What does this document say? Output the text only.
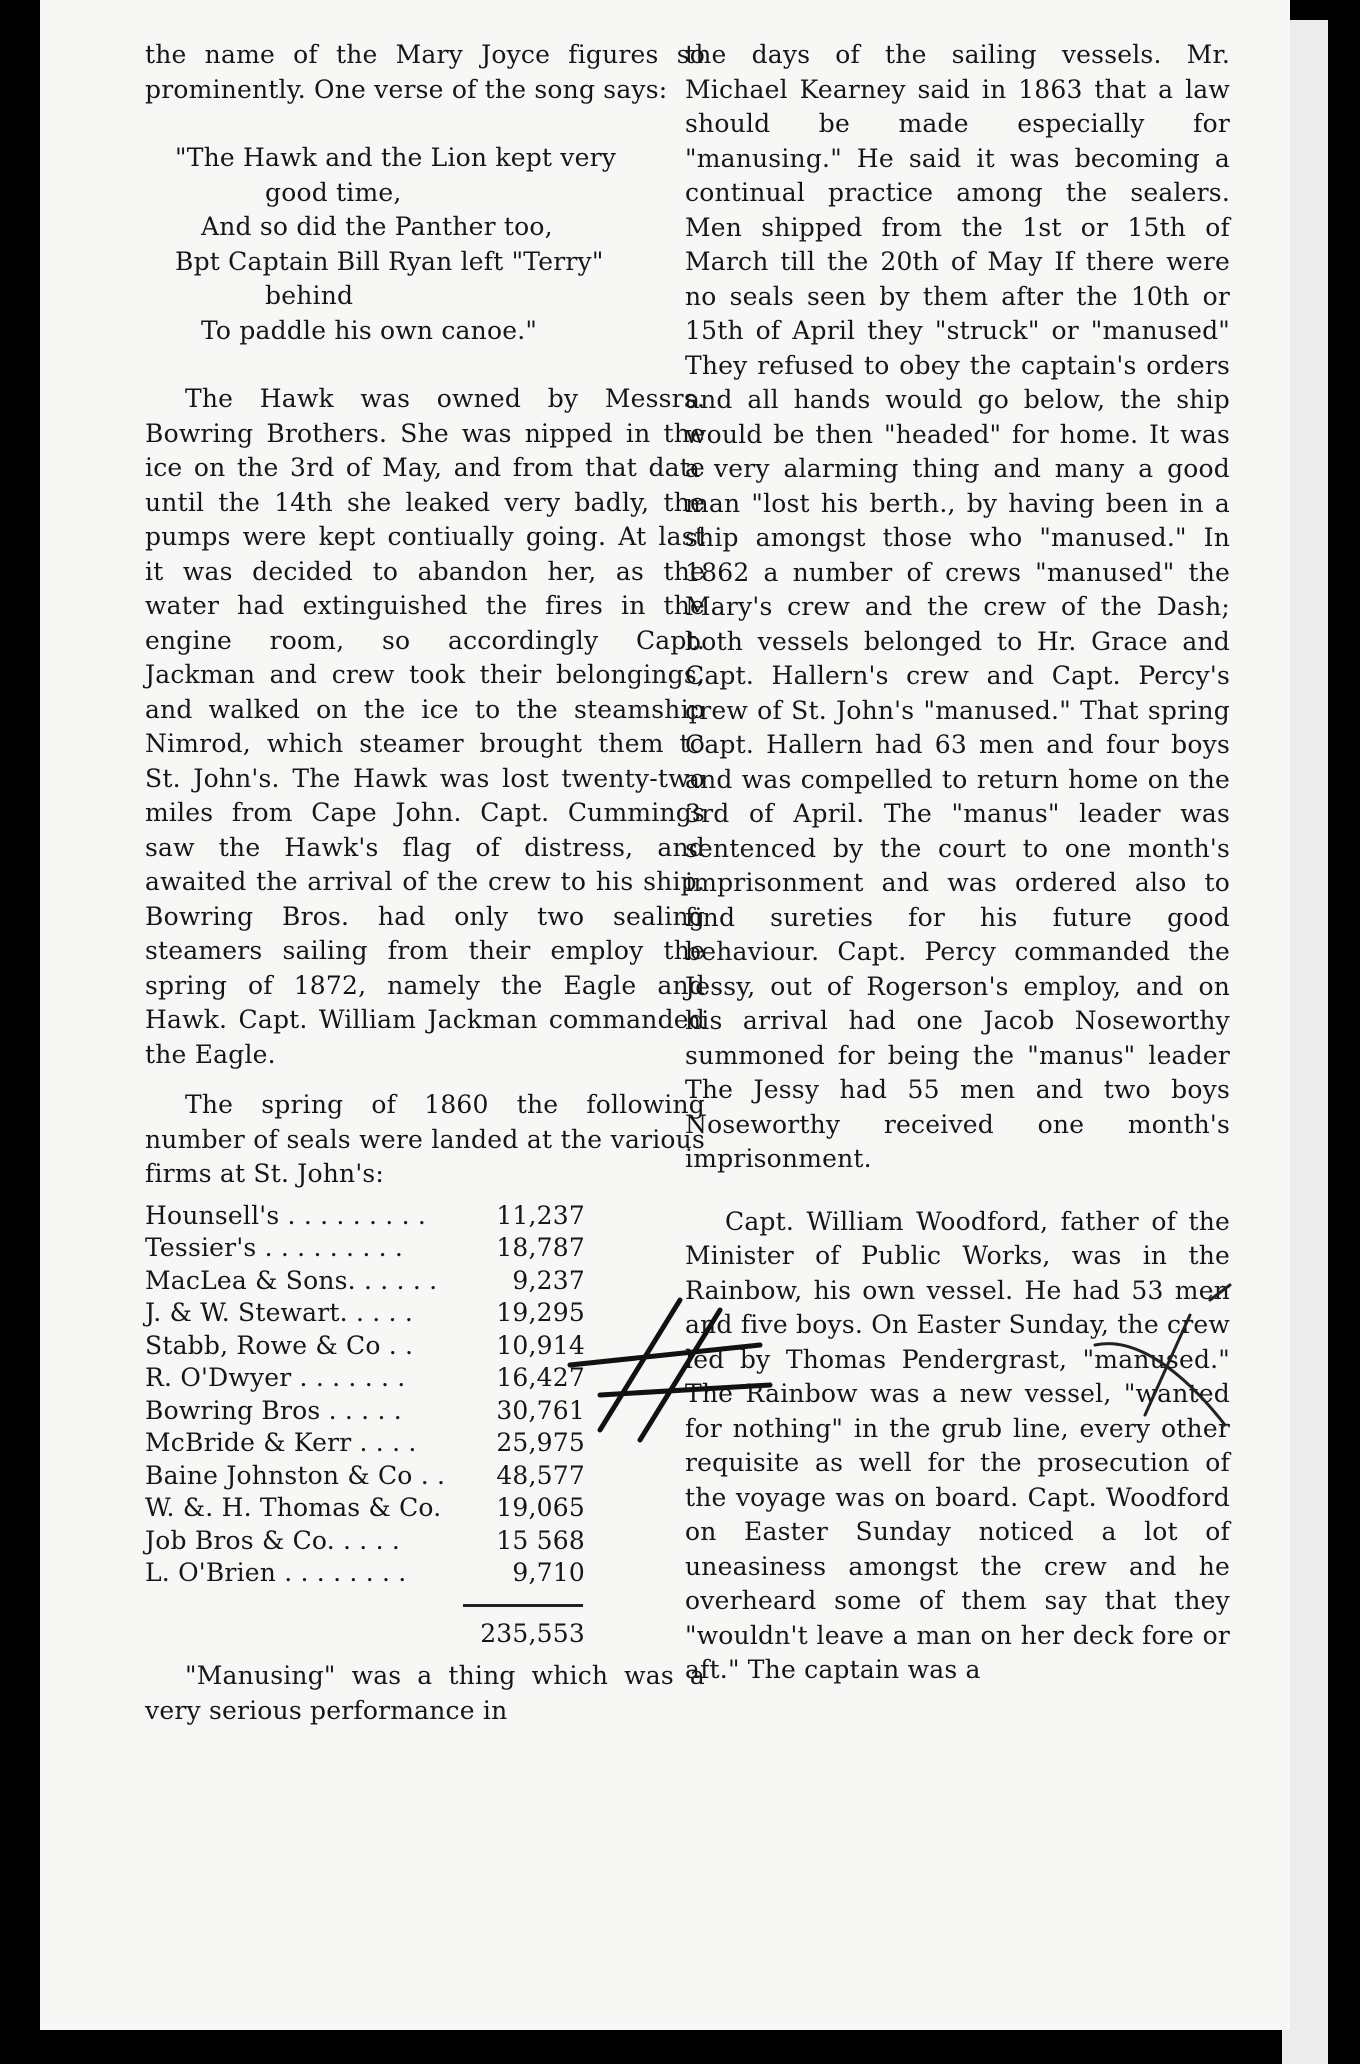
the name of the Mary Joyce figures so prominently. One verse of the song says:

"The Hawk and the Lion kept very

good time,

And so did the Panther too,

Bpt Captain Bill Ryan left "Terry"

behind

To paddle his own canoe."

The Hawk was owned by Messrs. Bowring Brothers. She was nipped in the ice on the 3rd of May, and from that date until the 14th she leaked very badly, the pumps were kept contiually going. At last it was decided to abandon her, as the water had extinguished the fires in the engine room, so accordingly Capt. Jackman and crew took their belongings, and walked on the ice to the steamship Nimrod, which steamer brought them to St. John's. The Hawk was lost twenty-two miles from Cape John. Capt. Cummings saw the Hawk's flag of distress, and awaited the arrival of the crew to his ship. Bowring Bros. had only two sealing steamers sailing from their employ the spring of 1872, namely the Eagle and Hawk. Capt. William Jackman commanded the Eagle.

The spring of 1860 the following number of seals were landed at the various firms at St. John's:

Hounsell's . . . . . . . . .	11,237
Tessier's . . . . . . . . .	18,787
MacLea & Sons. . . . . .	9,237
J. & W. Stewart. . . . .	19,295
Stabb, Rowe & Co . .	10,914
R. O'Dwyer . . . . . . .	16,427
Bowring Bros . . . . .	30,761
McBride & Kerr . . . .	25,975
Baine Johnston & Co . .	48,577
W. &. H. Thomas & Co.	19,065
Job Bros & Co. . . . .	15 568
L. O'Brien . . . . . . . .	9,710

235,553

"Manusing" was a thing which was a very serious performance in

the days of the sailing vessels. Mr. Michael Kearney said in 1863 that a law should be made especially for "manusing." He said it was becoming a continual practice among the sealers. Men shipped from the 1st or 15th of March till the 20th of May If there were no seals seen by them after the 10th or 15th of April they "struck" or "manused" They refused to obey the captain's orders and all hands would go below, the ship would be then "headed" for home. It was a very alarming thing and many a good man "lost his berth., by having been in a ship amongst those who "manused." In 1862 a number of crews "manused" the Mary's crew and the crew of the Dash; both vessels belonged to Hr. Grace and Capt. Hallern's crew and Capt. Percy's crew of St. John's "manused." That spring Capt. Hallern had 63 men and four boys and was compelled to return home on the 3rd of April. The "manus" leader was sentenced by the court to one month's imprisonment and was ordered also to find sureties for his future good behaviour. Capt. Percy commanded the Jessy, out of Rogerson's employ, and on his arrival had one Jacob Noseworthy summoned for being the "manus" leader The Jessy had 55 men and two boys Noseworthy received one month's imprisonment.

Capt. William Woodford, father of the Minister of Public Works, was in the Rainbow, his own vessel. He had 53 men and five boys. On Easter Sunday, the crew led by Thomas Pendergrast, "manused." The Rainbow was a new vessel, "wanted for nothing" in the grub line, every other requisite as well for the prosecution of the voyage was on board. Capt. Woodford on Easter Sunday noticed a lot of uneasiness amongst the crew and he overheard some of them say that they "wouldn't leave a man on her deck fore or aft." The captain was a
